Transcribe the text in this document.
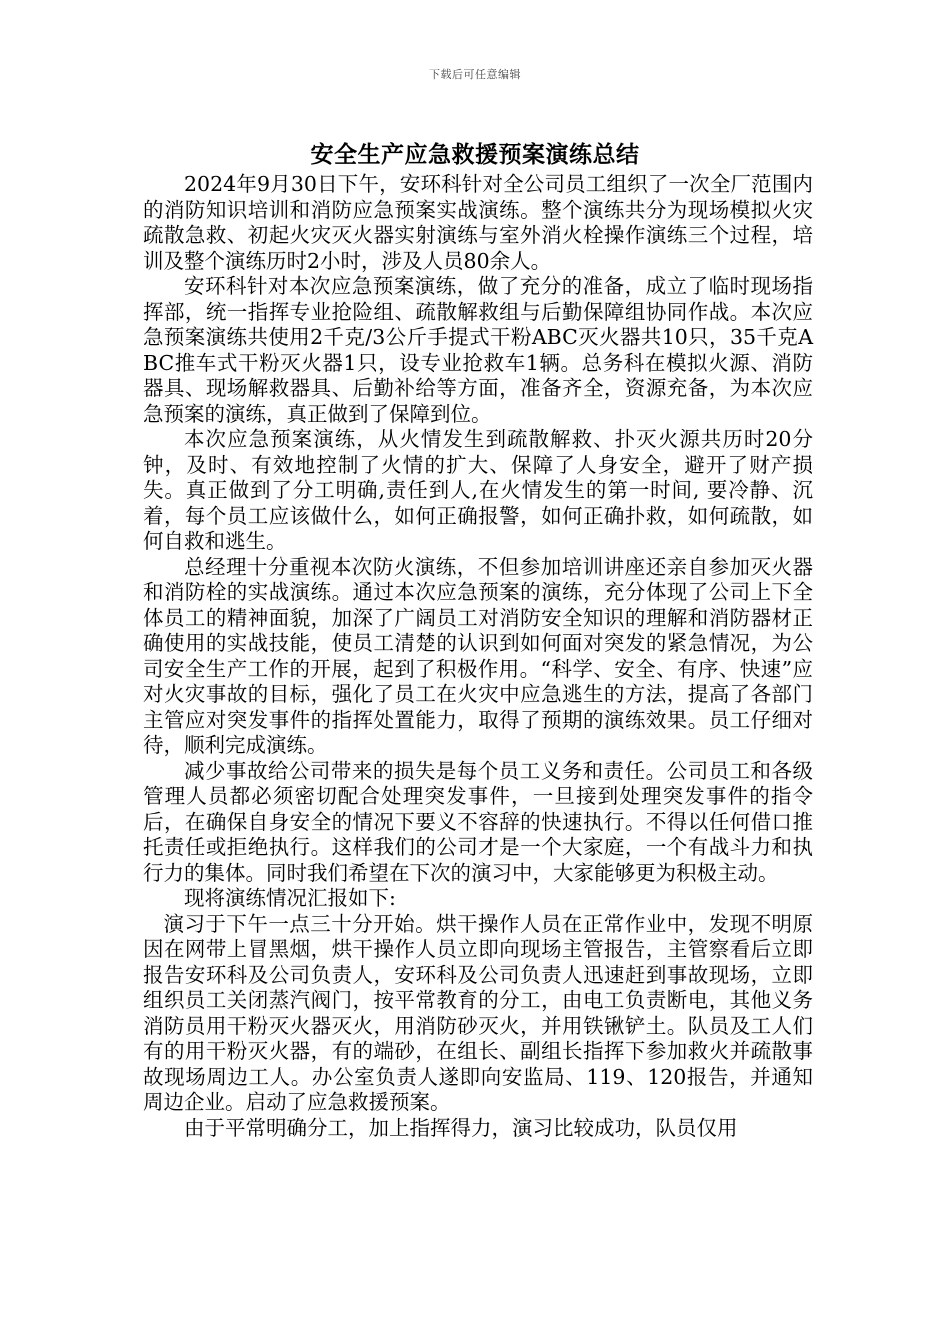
下载后可任意编辑
安全生产应急救援预案演练总结

2024年9月30日下午，安环科针对全公司员工组织了一次全厂范围内的消防知识培训和消防应急预案实战演练。整个演练共分为现场模拟火灾疏散急救、初起火灾灭火器实射演练与室外消火栓操作演练三个过程，培训及整个演练历时2小时，涉及人员80余人。

安环科针对本次应急预案演练，做了充分的准备，成立了临时现场指挥部，统一指挥专业抢险组、疏散解救组与后勤保障组协同作战。本次应急预案演练共使用2千克/3公斤手提式干粉ABC灭火器共10只，35千克ABC推车式干粉灭火器1只，设专业抢救车1辆。总务科在模拟火源、消防器具、现场解救器具、后勤补给等方面，准备齐全，资源充备，为本次应急预案的演练，真正做到了保障到位。

本次应急预案演练，从火情发生到疏散解救、扑灭火源共历时20分钟，及时、有效地控制了火情的扩大、保障了人身安全，避开了财产损失。真正做到了分工明确,责任到人,在火情发生的第一时间, 要冷静、沉着，每个员工应该做什么，如何正确报警，如何正确扑救，如何疏散，如何自救和逃生。

总经理十分重视本次防火演练，不但参加培训讲座还亲自参加灭火器和消防栓的实战演练。通过本次应急预案的演练，充分体现了公司上下全体员工的精神面貌，加深了广阔员工对消防安全知识的理解和消防器材正确使用的实战技能，使员工清楚的认识到如何面对突发的紧急情况，为公司安全生产工作的开展，起到了积极作用。“科学、安全、有序、快速”应对火灾事故的目标，强化了员工在火灾中应急逃生的方法，提高了各部门主管应对突发事件的指挥处置能力，取得了预期的演练效果。员工仔细对待，顺利完成演练。

减少事故给公司带来的损失是每个员工义务和责任。公司员工和各级管理人员都必须密切配合处理突发事件，一旦接到处理突发事件的指令后，在确保自身安全的情况下要义不容辞的快速执行。不得以任何借口推托责任或拒绝执行。这样我们的公司才是一个大家庭，一个有战斗力和执行力的集体。同时我们希望在下次的演习中，大家能够更为积极主动。

现将演练情况汇报如下:

演习于下午一点三十分开始。烘干操作人员在正常作业中，发现不明原因在网带上冒黑烟，烘干操作人员立即向现场主管报告，主管察看后立即报告安环科及公司负责人，安环科及公司负责人迅速赶到事故现场，立即组织员工关闭蒸汽阀门，按平常教育的分工，由电工负责断电，其他义务消防员用干粉灭火器灭火，用消防砂灭火，并用铁锹铲土。队员及工人们有的用干粉灭火器，有的端砂，在组长、副组长指挥下参加救火并疏散事故现场周边工人。办公室负责人遂即向安监局、119、120报告，并通知周边企业。启动了应急救援预案。

由于平常明确分工，加上指挥得力，演习比较成功，队员仅用
